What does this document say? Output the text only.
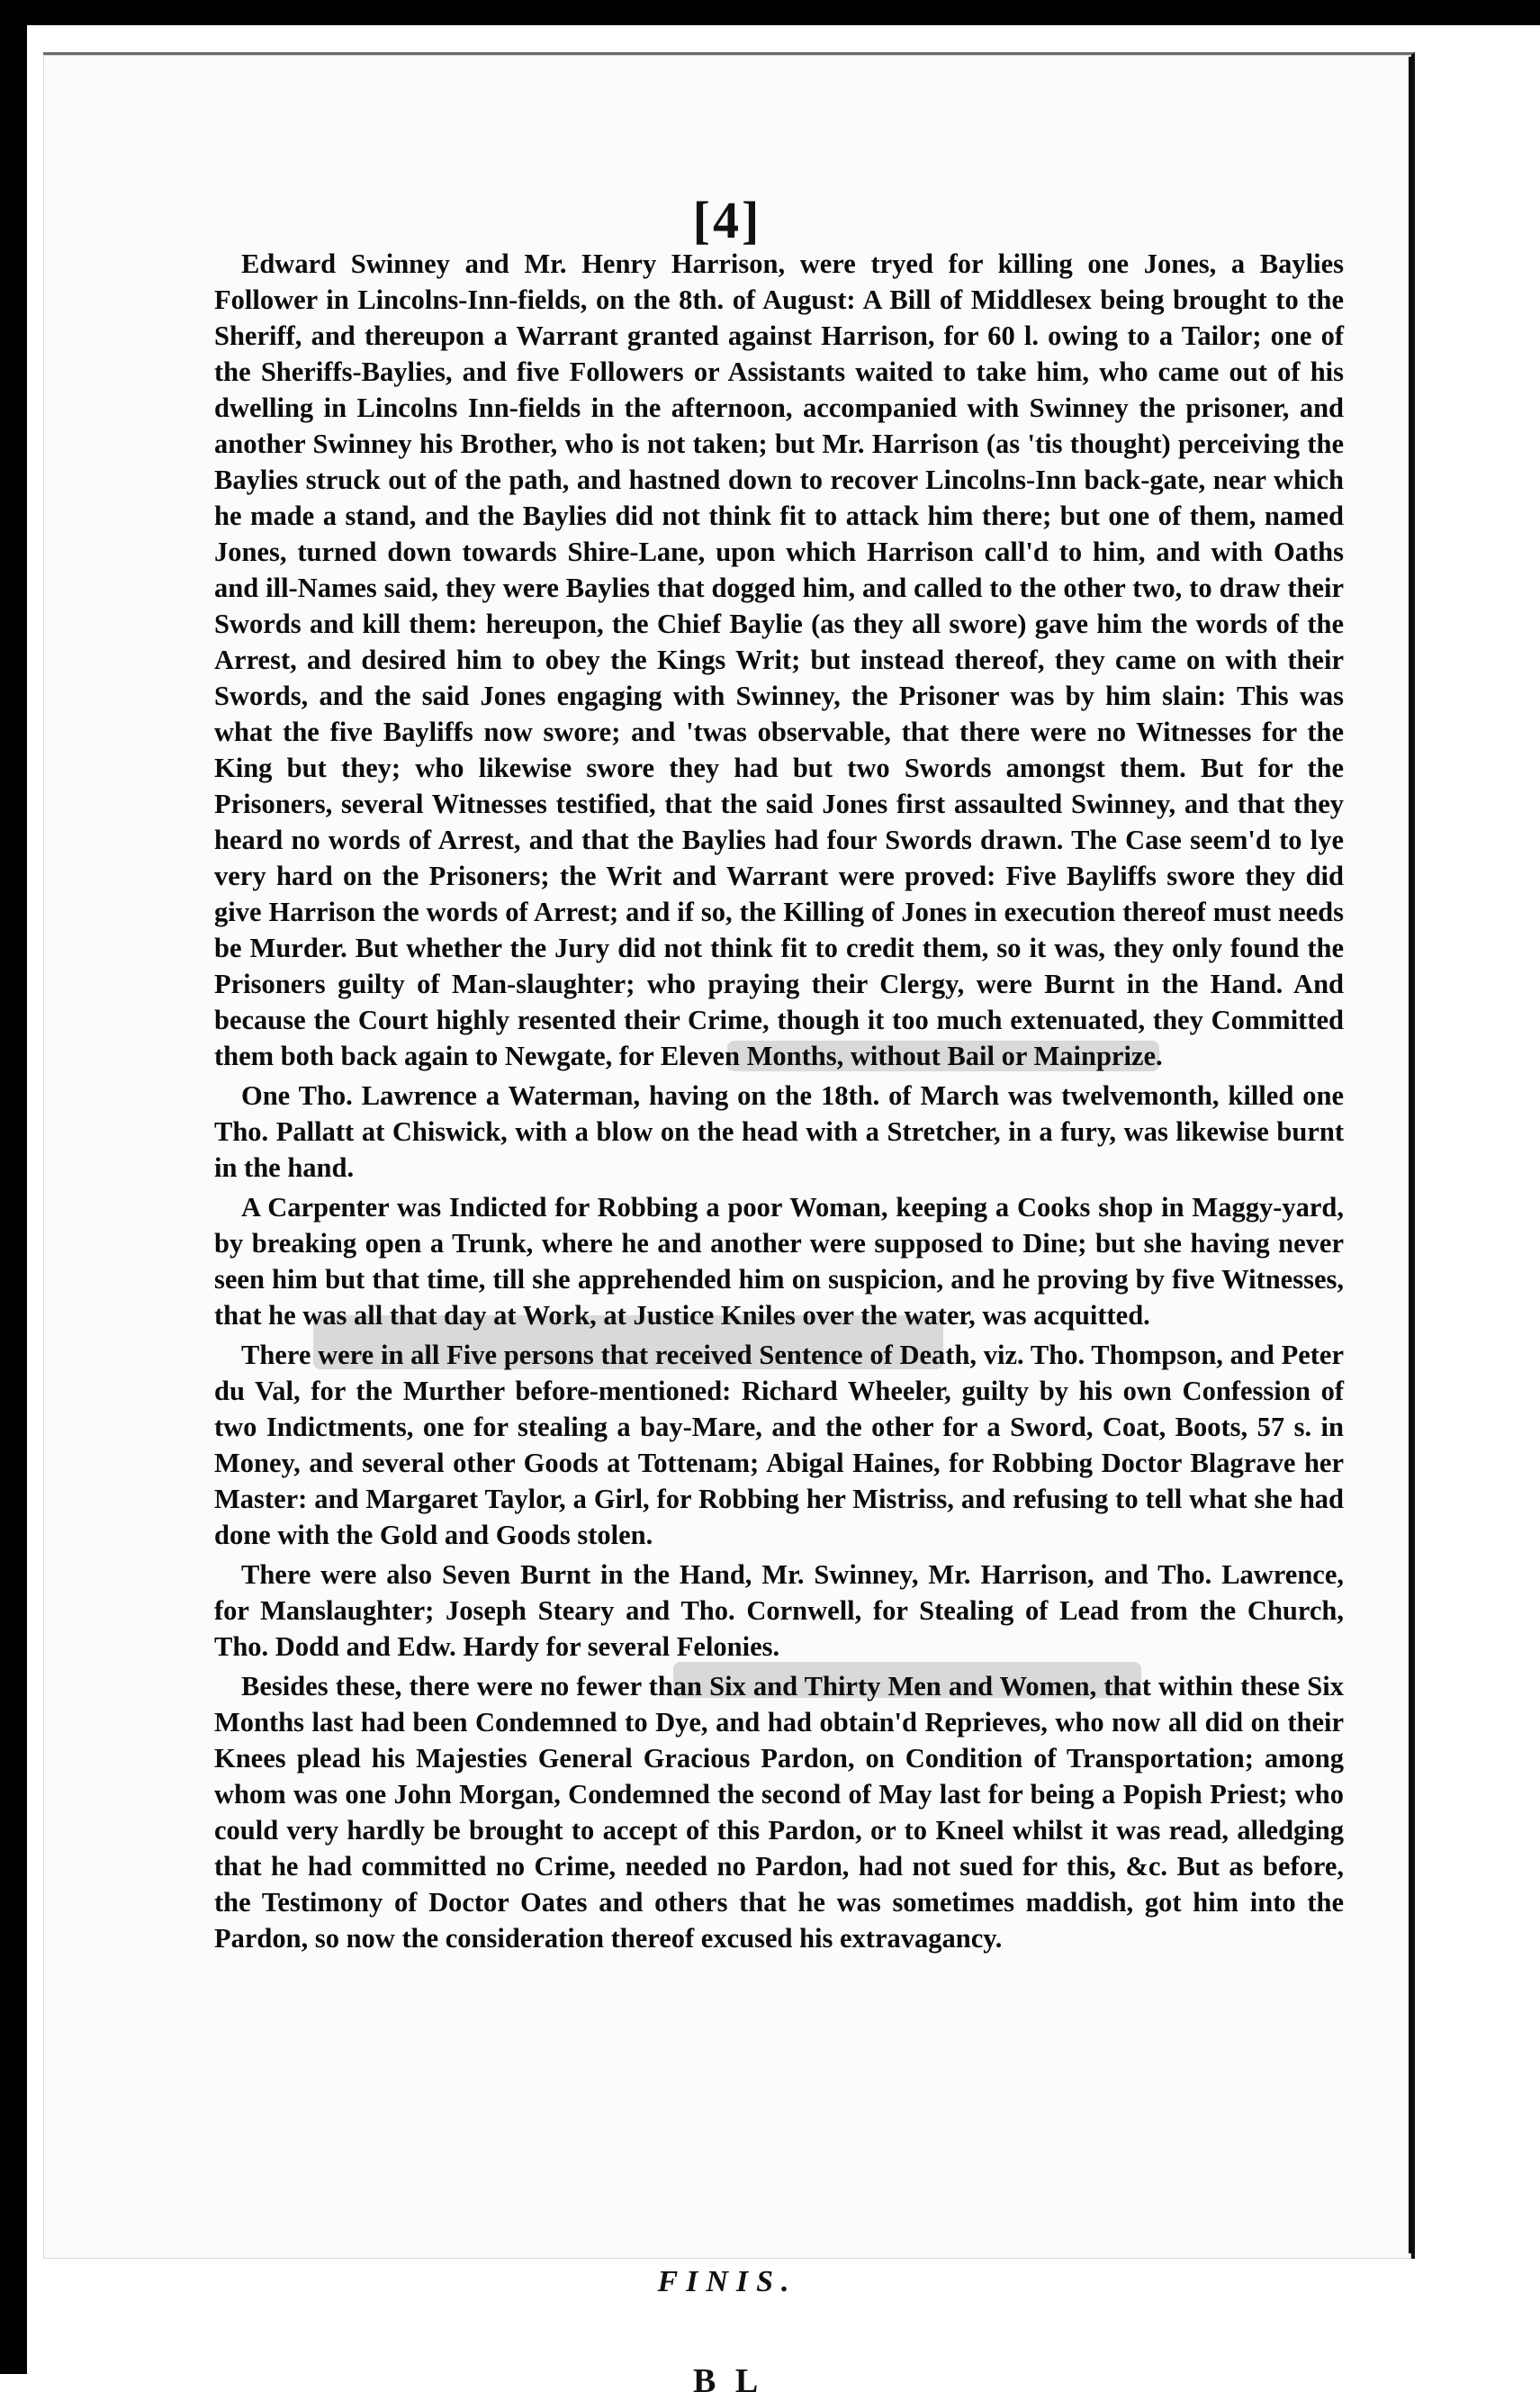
[4]

Edward Swinney and Mr. Henry Harrison, were tryed for killing one Jones, a Baylies Follower in Lincolns-Inn-fields, on the 8th. of August: A Bill of Middlesex being brought to the Sheriff, and thereupon a Warrant granted against Harrison, for 60 l. owing to a Tailor; one of the Sheriffs-Baylies, and five Followers or Assistants waited to take him, who came out of his dwelling in Lincolns Inn-fields in the afternoon, accompanied with Swinney the prisoner, and another Swinney his Brother, who is not taken; but Mr. Harrison (as 'tis thought) perceiving the Baylies struck out of the path, and hastned down to recover Lincolns-Inn back-gate, near which he made a stand, and the Baylies did not think fit to attack him there; but one of them, named Jones, turned down towards Shire-Lane, upon which Harrison call'd to him, and with Oaths and ill-Names said, they were Baylies that dogged him, and called to the other two, to draw their Swords and kill them: hereupon, the Chief Baylie (as they all swore) gave him the words of the Arrest, and desired him to obey the Kings Writ; but instead thereof, they came on with their Swords, and the said Jones engaging with Swinney, the Prisoner was by him slain: This was what the five Bayliffs now swore; and 'twas observable, that there were no Witnesses for the King but they; who likewise swore they had but two Swords amongst them. But for the Prisoners, several Witnesses testified, that the said Jones first assaulted Swinney, and that they heard no words of Arrest, and that the Baylies had four Swords drawn. The Case seem'd to lye very hard on the Prisoners; the Writ and Warrant were proved: Five Bayliffs swore they did give Harrison the words of Arrest; and if so, the Killing of Jones in execution thereof must needs be Murder. But whether the Jury did not think fit to credit them, so it was, they only found the Prisoners guilty of Man-slaughter; who praying their Clergy, were Burnt in the Hand. And because the Court highly resented their Crime, though it too much extenuated, they Committed them both back again to Newgate, for Eleven Months, without Bail or Mainprize.

One Tho. Lawrence a Waterman, having on the 18th. of March was twelvemonth, killed one Tho. Pallatt at Chiswick, with a blow on the head with a Stretcher, in a fury, was likewise burnt in the hand.

A Carpenter was Indicted for Robbing a poor Woman, keeping a Cooks shop in Maggy-yard, by breaking open a Trunk, where he and another were supposed to Dine; but she having never seen him but that time, till she apprehended him on suspicion, and he proving by five Witnesses, that he was all that day at Work, at Justice Kniles over the water, was acquitted.

There were in all Five persons that received Sentence of Death, viz. Tho. Thompson, and Peter du Val, for the Murther before-mentioned: Richard Wheeler, guilty by his own Confession of two Indictments, one for stealing a bay-Mare, and the other for a Sword, Coat, Boots, 57 s. in Money, and several other Goods at Tottenam; Abigal Haines, for Robbing Doctor Blagrave her Master: and Margaret Taylor, a Girl, for Robbing her Mistriss, and refusing to tell what she had done with the Gold and Goods stolen.

There were also Seven Burnt in the Hand, Mr. Swinney, Mr. Harrison, and Tho. Lawrence, for Manslaughter; Joseph Steary and Tho. Cornwell, for Stealing of Lead from the Church, Tho. Dodd and Edw. Hardy for several Felonies.

Besides these, there were no fewer than Six and Thirty Men and Women, that within these Six Months last had been Condemned to Dye, and had obtain'd Reprieves, who now all did on their Knees plead his Majesties General Gracious Pardon, on Condition of Transportation; among whom was one John Morgan, Condemned the second of May last for being a Popish Priest; who could very hardly be brought to accept of this Pardon, or to Kneel whilst it was read, alledging that he had committed no Crime, needed no Pardon, had not sued for this, &c. But as before, the Testimony of Doctor Oates and others that he was sometimes maddish, got him into the Pardon, so now the consideration thereof excused his extravagancy.

FINIS.
B L
